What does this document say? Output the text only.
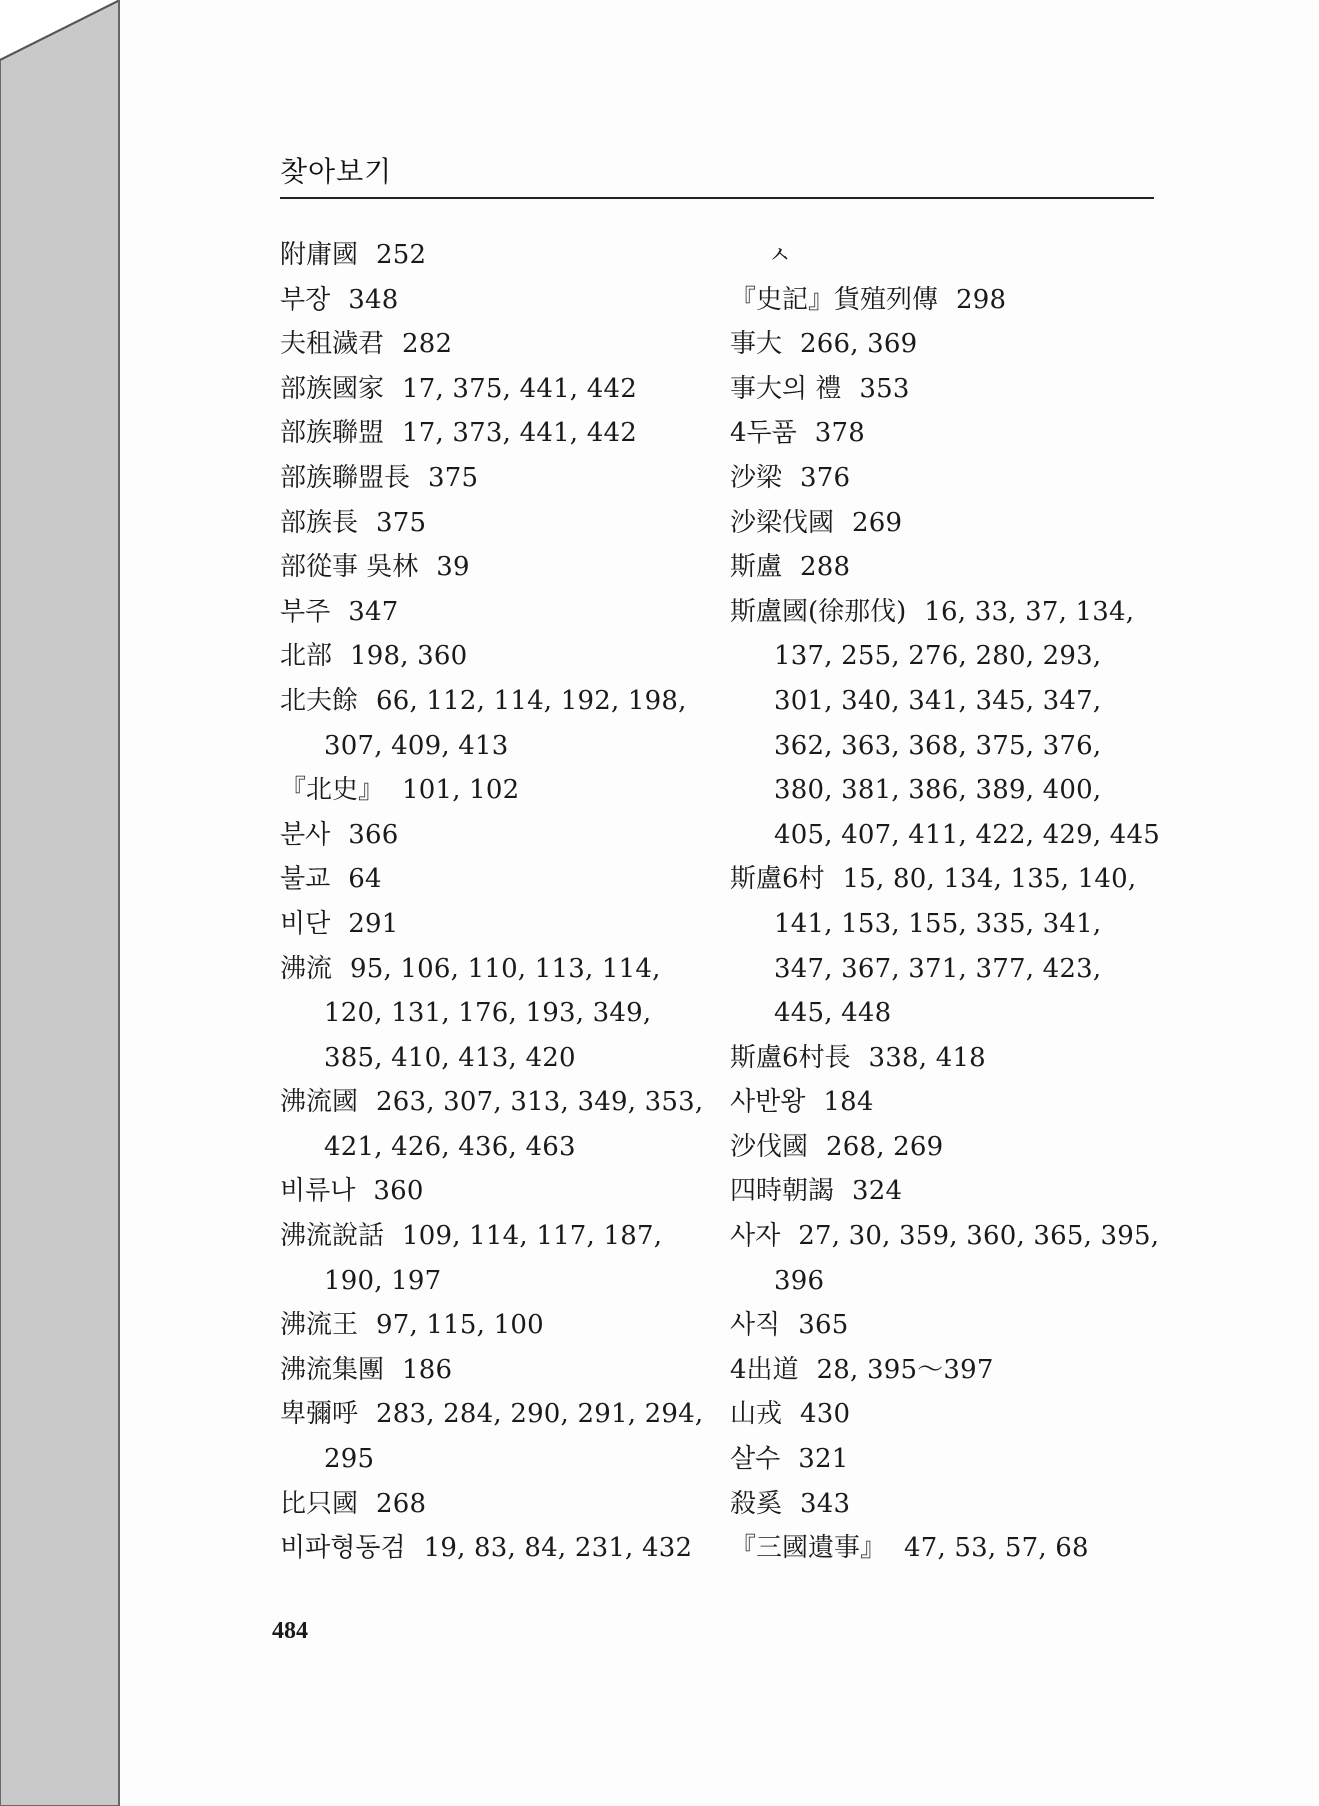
찾아보기

附庸國 252

부장 348

夫租濊君 282

部族國家 17, 375, 441, 442

部族聯盟 17, 373, 441, 442

部族聯盟長 375

部族長 375

部從事 吳林 39

부주 347

北部 198, 360

北夫餘 66, 112, 114, 192, 198, 307, 409, 413

『北史』 101, 102

분사 366

불교 64

비단 291

沸流 95, 106, 110, 113, 114, 120, 131, 176, 193, 349, 385, 410, 413, 420

沸流國 263, 307, 313, 349, 353, 421, 426, 436, 463

비류나 360

沸流說話 109, 114, 117, 187, 190, 197

沸流王 97, 115, 100

沸流集團 186

卑彌呼 283, 284, 290, 291, 294, 295

比只國 268

비파형동검 19, 83, 84, 231, 432

ㅅ

『史記』貨殖列傳 298

事大 266, 369

事大의 禮 353

4두품 378

沙梁 376

沙梁伐國 269

斯盧 288

斯盧國(徐那伐) 16, 33, 37, 134, 137, 255, 276, 280, 293, 301, 340, 341, 345, 347, 362, 363, 368, 375, 376, 380, 381, 386, 389, 400, 405, 407, 411, 422, 429, 445

斯盧6村 15, 80, 134, 135, 140, 141, 153, 155, 335, 341, 347, 367, 371, 377, 423, 445, 448

斯盧6村長 338, 418

사반왕 184

沙伐國 268, 269

四時朝謁 324

사자 27, 30, 359, 360, 365, 395, 396

사직 365

4出道 28, 395～397

山戎 430

살수 321

殺奚 343

『三國遺事』 47, 53, 57, 68

484
